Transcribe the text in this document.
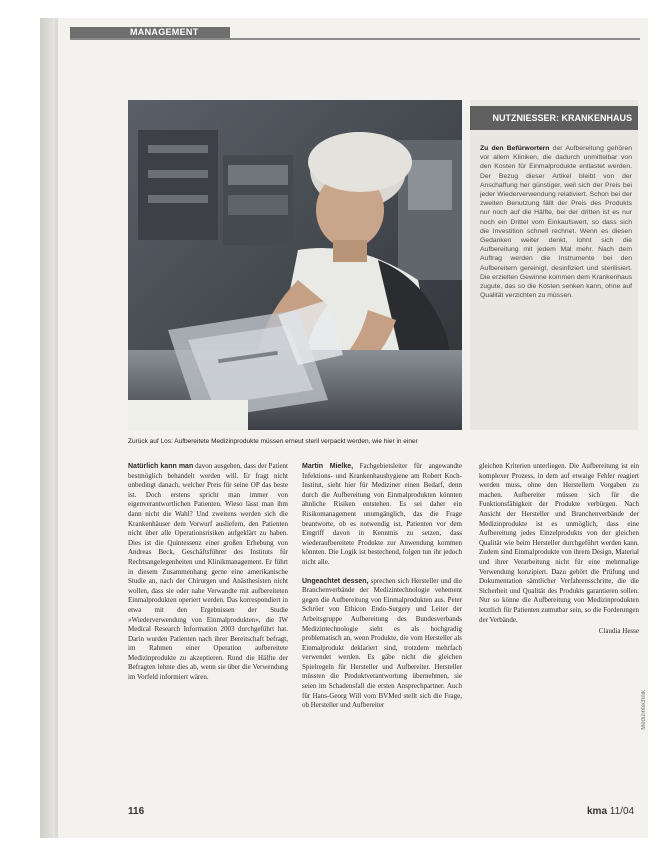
MANAGEMENT
Zurück auf Los: Aufbereitete Medizinprodukte müssen erneut steril verpackt werden, wie hier in einer
NUTZNIESSER: KRANKENHAUS
Zu den Befürwortern der Aufbereitung gehören vor allem Kliniken, die dadurch unmittelbar von den Kosten für Einmalprodukte entlastet werden. Der Bezug dieser Artikel bleibt von der Anschaffung her günstiger, weil sich der Preis bei jeder Wiederverwendung relativiert. Schon bei der zweiten Benutzung fällt der Preis des Produkts nur noch auf die Hälfte, bei der dritten ist es nur noch ein Drittel vom Einkaufswert, so dass sich die Investition schnell rechnet. Wenn es diesen Gedanken weiter denkt, lohnt sich die Aufbereitung mit jedem Mal mehr. Nach dem Auftrag werden die Instrumente bei den Aufbereitern gereinigt, desinfiziert und sterilisiert. Die erzielten Gewinne kommen dem Krankenhaus zugute, das so die Kosten senken kann, ohne auf Qualität verzichten zu müssen.

Natürlich kann man davon ausgehen, dass der Patient bestmöglich behandelt werden will. Er fragt nicht unbedingt danach, welcher Preis für seine OP das beste ist. Doch erstens spricht man immer von eigenverantwortlichen Patienten. Wieso lässt man ihm dann nicht die Wahl? Und zweitens werden sich die Krankenhäuser dem Vorwurf ausliefern, den Patienten nicht über alle Operationsrisiken aufgeklärt zu haben. Dies ist die Quintessenz einer großen Erhebung von Andreas Beck, Geschäftsführer des Instituts für Rechtsangelegenheiten und Klinikmanagement. Er führt in diesem Zusammenhang gerne eine amerikanische Studie an, nach der Chirurgen und Anästhesisten nicht wollen, dass sie oder nahe Verwandte mit aufbereiteten Einmalprodukten operiert werden. Das korrespondiert in etwa mit den Ergebnissen der Studie »Wiederverwendung von Einmalprodukten«, die IW Medical Research Information 2003 durchgeführt hat. Darin wurden Patienten nach ihrer Bereitschaft befragt, im Rahmen einer Operation aufbereitete Medizinprodukte zu akzeptieren. Rund die Hälfte der Befragten lehnte dies ab, wenn sie über die Verwendung im Vorfeld informiert wären.

Martin Mielke, Fachgebietsleiter für angewandte Infektions- und Krankenhaushygiene am Robert Koch-Institut, sieht hier für Mediziner einen Bedarf, denn durch die Aufbereitung von Einmalprodukten könnten ähnliche Risiken entstehen. Es sei daher ein Risikomanagement unumgänglich, das die Frage beantworte, ob es notwendig ist, Patienten vor dem Eingriff davon in Kenntnis zu setzen, dass wiederaufbereitete Produkte zur Anwendung kommen könnten. Die Logik ist bestechend, folgen tun ihr jedoch nicht alle.

Ungeachtet dessen, sprechen sich Hersteller und die Branchenverbände der Medizintechnologie vehement gegen die Aufbereitung von Einmalprodukten aus. Peter Schröer von Ethicon Endo-Surgery und Leiter der Arbeitsgruppe Aufbereitung des Bundesverbands Medizintechnologie sieht es als hochgradig problematisch an, wenn Produkte, die vom Hersteller als Einmalprodukt deklariert sind, trotzdem mehrfach verwendet werden. Es gäbe nicht die gleichen Spielregeln für Hersteller und Aufbereiter. Hersteller müssten die Produktverantwortung übernehmen, sie seien im Schadensfall die ersten Ansprechpartner. Auch für Hans-Georg Will vom BVMed stellt sich die Frage, ob Hersteller und Aufbereiter

gleichen Kriterien unterliegen. Die Aufbereitung ist ein komplexer Prozess, in dem auf etwaige Fehler reagiert werden muss, ohne den Herstellern Vorgaben zu machen. Aufbereiter müssen sich für die Funktionsfähigkeit der Produkte verbürgen. Nach Ansicht der Hersteller und Branchenverbände der Medizinprodukte ist es unmöglich, dass eine Aufbereitung jedes Einzelprodukts von der gleichen Qualität wie beim Hersteller durchgeführt werden kann. Zudem sind Einmalprodukte von ihrem Design, Material und ihrer Verarbeitung nicht für eine mehrmalige Verwendung konzipiert. Dazu gehört die Prüfung und Dokumentation sämtlicher Verfahrensschritte, die die Sicherheit und Qualität des Produkts garantieren sollen. Nur so könne die Aufbereitung von Medizinprodukten letztlich für Patienten zumutbar sein, so die Forderungen der Verbände.
Claudia Hesse

116	kma 11/04
Medizintechnik
